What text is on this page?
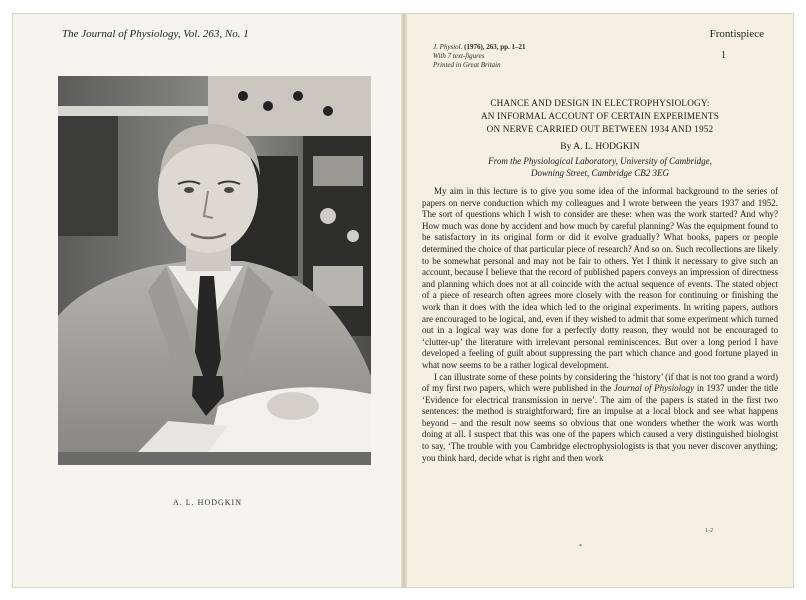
The Journal of Physiology, Vol. 263, No. 1	Frontispiece
A. L. HODGKIN
J. Physiol. (1976), 263, pp. 1–21
With 7 text-figures
Printed in Great Britain
1
CHANCE AND DESIGN IN ELECTROPHYSIOLOGY:
AN INFORMAL ACCOUNT OF CERTAIN EXPERIMENTS
ON NERVE CARRIED OUT BETWEEN 1934 AND 1952
By A. L. HODGKIN
From the Physiological Laboratory, University of Cambridge,
Downing Street, Cambridge CB2 3EG

My aim in this lecture is to give you some idea of the informal background to the series of papers on nerve conduction which my colleagues and I wrote between the years 1937 and 1952. The sort of questions which I wish to consider are these: when was the work started? And why? How much was done by accident and how much by careful planning? Was the equipment found to be satisfactory in its original form or did it evolve gradually? What books, papers or people determined the choice of that particular piece of research? And so on. Such recollections are likely to be somewhat personal and may not be fair to others. Yet I think it necessary to give such an account, because I believe that the record of published papers conveys an impression of directness and planning which does not at all coincide with the actual sequence of events. The stated object of a piece of research often agrees more closely with the reason for continuing or finishing the work than it does with the idea which led to the original experiments. In writing papers, authors are encouraged to be logical, and, even if they wished to admit that some experiment which turned out in a logical way was done for a perfectly dotty reason, they would not be encouraged to ‘clutter-up’ the literature with irrelevant personal reminiscences. But over a long period I have developed a feeling of guilt about suppressing the part which chance and good fortune played in what now seems to be a rather logical development.

I can illustrate some of these points by considering the ‘history’ (if that is not too grand a word) of my first two papers, which were published in the Journal of Physiology in 1937 under the title ‘Evidence for electrical transmission in nerve’. The aim of the papers is stated in the first two sentences: the method is straightforward; fire an impulse at a local block and see what happens beyond – and the result now seems so obvious that one wonders whether the work was worth doing at all. I suspect that this was one of the papers which caused a very distinguished biologist to say, ‘The trouble with you Cambridge electrophysiologists is that you never discover anything; you think hard, decide what is right and then work

1-2
*
